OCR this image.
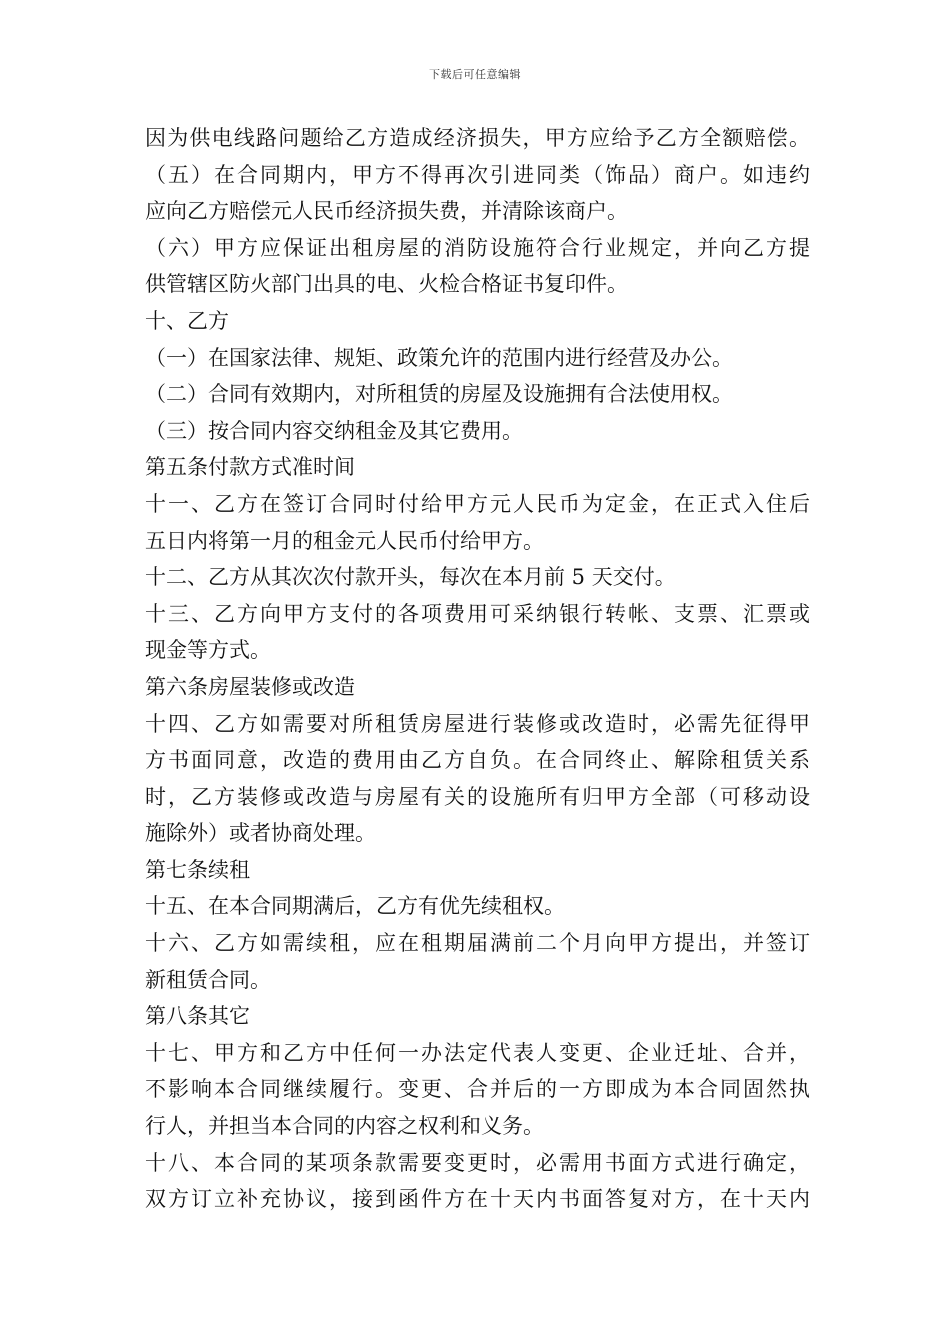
下载后可任意编辑
因为供电线路问题给乙方造成经济损失，甲方应给予乙方全额赔偿。
（五）在合同期内，甲方不得再次引进同类（饰品）商户。如违约
应向乙方赔偿元人民币经济损失费，并清除该商户。
（六）甲方应保证出租房屋的消防设施符合行业规定，并向乙方提
供管辖区防火部门出具的电、火检合格证书复印件。
十、乙方
（一）在国家法律、规矩、政策允许的范围内进行经营及办公。
（二）合同有效期内，对所租赁的房屋及设施拥有合法使用权。
（三）按合同内容交纳租金及其它费用。
第五条付款方式准时间
十一、乙方在签订合同时付给甲方元人民币为定金，在正式入住后
五日内将第一月的租金元人民币付给甲方。
十二、乙方从其次次付款开头，每次在本月前 5 天交付。
十三、乙方向甲方支付的各项费用可采纳银行转帐、支票、汇票或
现金等方式。
第六条房屋装修或改造
十四、乙方如需要对所租赁房屋进行装修或改造时，必需先征得甲
方书面同意，改造的费用由乙方自负。在合同终止、解除租赁关系
时，乙方装修或改造与房屋有关的设施所有归甲方全部（可移动设
施除外）或者协商处理。
第七条续租
十五、在本合同期满后，乙方有优先续租权。
十六、乙方如需续租，应在租期届满前二个月向甲方提出，并签订
新租赁合同。
第八条其它
十七、甲方和乙方中任何一办法定代表人变更、企业迁址、合并，
不影响本合同继续履行。变更、合并后的一方即成为本合同固然执
行人，并担当本合同的内容之权利和义务。
十八、本合同的某项条款需要变更时，必需用书面方式进行确定，
双方订立补充协议，接到函件方在十天内书面答复对方，在十天内
